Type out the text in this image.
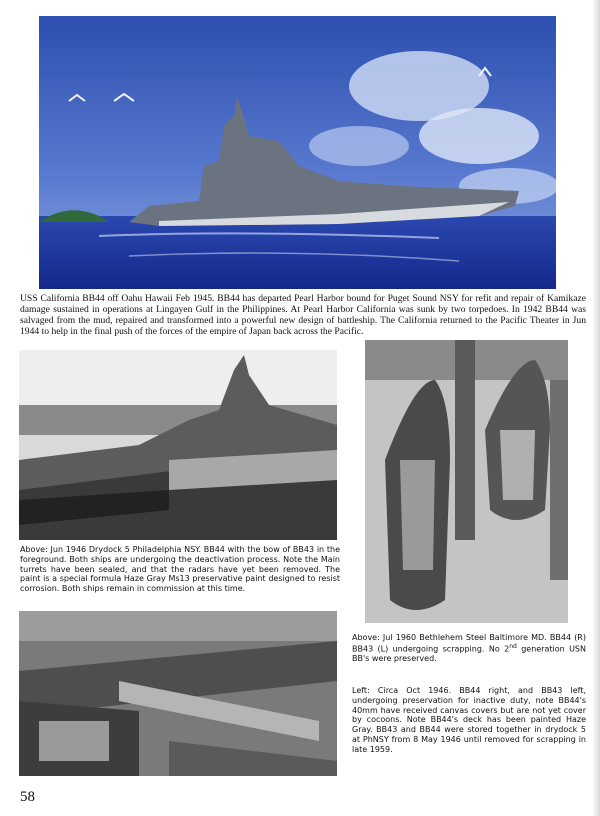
USS California BB44 off Oahu Hawaii Feb 1945. BB44 has departed Pearl Harbor bound for Puget Sound NSY for refit and repair of Kamikaze damage sustained in operations at Lingayen Gulf in the Philippines. At Pearl Harbor California was sunk by two torpedoes. In 1942 BB44 was salvaged from the mud, repaired and transformed into a powerful new design of battleship. The California returned to the Pacific Theater in Jun 1944 to help in the final push of the forces of the empire of Japan back across the Pacific.

Above: Jun 1946 Drydock 5 Philadelphia NSY. BB44 with the bow of BB43 in the foreground. Both ships are undergoing the deactivation process. Note the Main turrets have been sealed, and that the radars have yet been removed. The paint is a special formula Haze Gray Ms13 preservative paint designed to resist corrosion. Both ships remain in commission at this time.

Above: Jul 1960 Bethlehem Steel Baltimore MD. BB44 (R) BB43 (L) undergoing scrapping. No 2nd generation USN BB's were preserved.

Left: Circa Oct 1946. BB44 right, and BB43 left, undergoing preservation for inactive duty, note BB44's 40mm have received canvas covers but are not yet cover by cocoons. Note BB44's deck has been painted Haze Gray. BB43 and BB44 were stored together in drydock 5 at PhNSY from 8 May 1946 until removed for scrapping in late 1959.

58
